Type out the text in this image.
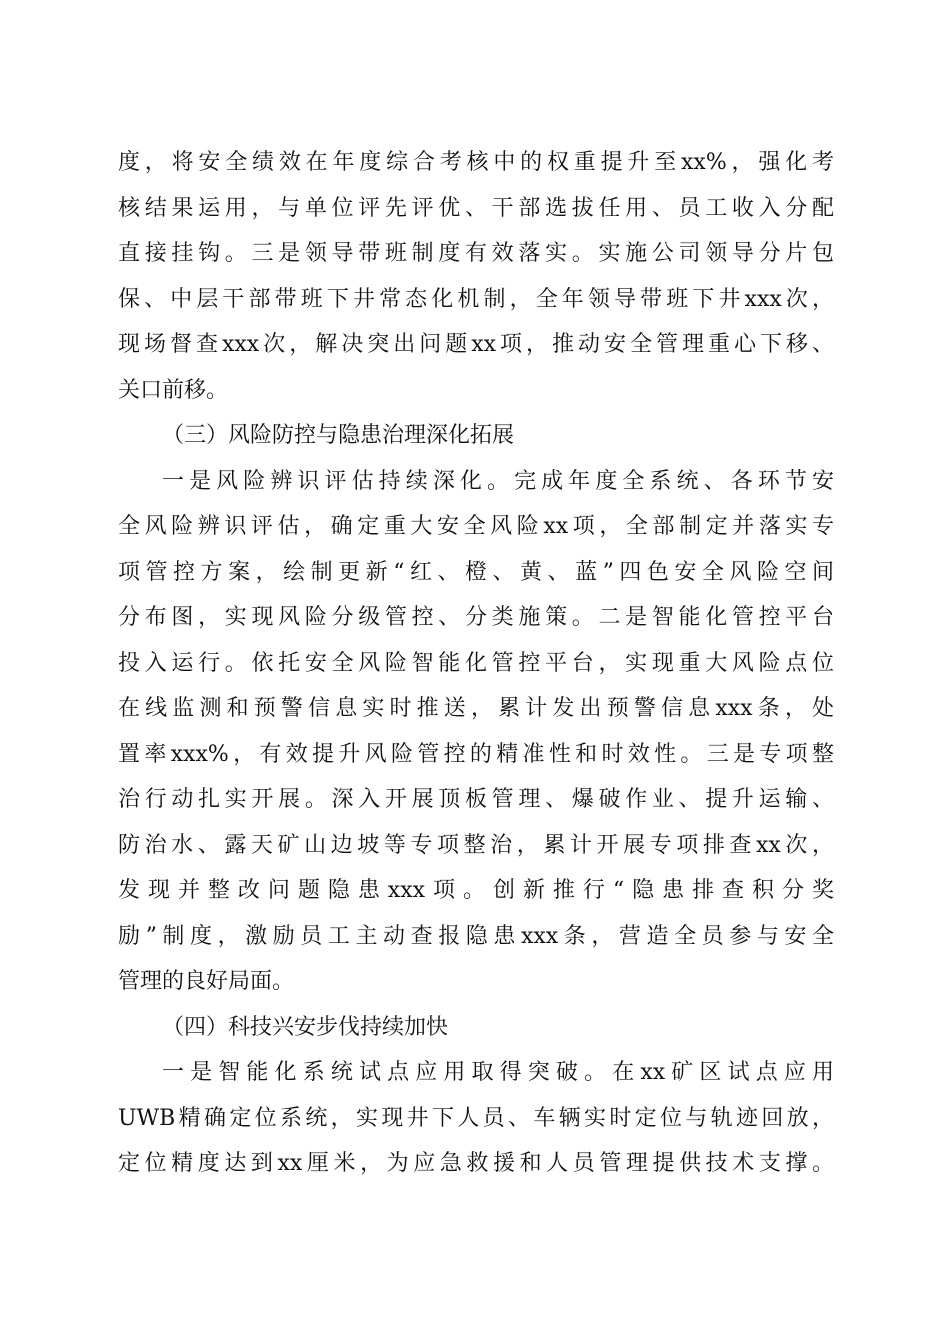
度，将安全绩效在年度综合考核中的权重提升至xx%，强化考
核结果运用，与单位评先评优、干部选拔任用、员工收入分配
直接挂钩。三是领导带班制度有效落实。实施公司领导分片包
保、中层干部带班下井常态化机制，全年领导带班下井xxx次，
现场督查xxx次，解决突出问题xx项，推动安全管理重心下移、
关口前移。
（三）风险防控与隐患治理深化拓展
一是风险辨识评估持续深化。完成年度全系统、各环节安
全风险辨识评估，确定重大安全风险xx项，全部制定并落实专
项管控方案，绘制更新“红、橙、黄、蓝”四色安全风险空间
分布图，实现风险分级管控、分类施策。二是智能化管控平台
投入运行。依托安全风险智能化管控平台，实现重大风险点位
在线监测和预警信息实时推送，累计发出预警信息xxx条，处
置率xxx%，有效提升风险管控的精准性和时效性。三是专项整
治行动扎实开展。深入开展顶板管理、爆破作业、提升运输、
防治水、露天矿山边坡等专项整治，累计开展专项排查xx次，
发现并整改问题隐患xxx项。创新推行“隐患排查积分奖
励”制度，激励员工主动查报隐患xxx条，营造全员参与安全
管理的良好局面。
（四）科技兴安步伐持续加快
一是智能化系统试点应用取得突破。在xx矿区试点应用
UWB精确定位系统，实现井下人员、车辆实时定位与轨迹回放，
定位精度达到xx厘米，为应急救援和人员管理提供技术支撑。
